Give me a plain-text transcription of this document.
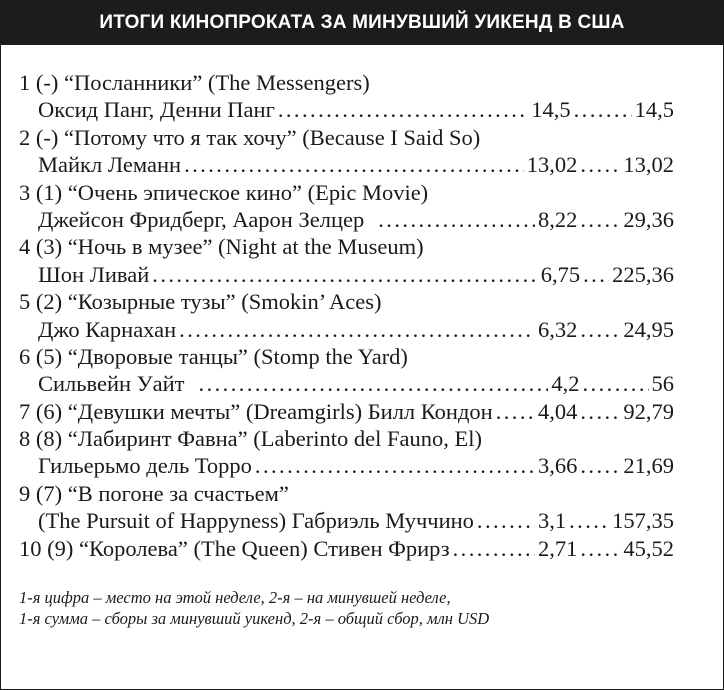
ИТОГИ КИНОПРОКАТА ЗА МИНУВШИЙ УИКЕНД В США
1 (-) “Посланники” (The Messengers)
Оксид Панг, Денни Панг . . .	14,5 . . .	14,5
2 (-) “Потому что я так хочу” (Because I Said So)
Майкл Леманн . . .	13,02 . . . 13,02
3 (1) “Очень эпическое кино” (Epic Movie)
Джейсон Фридберг, Аарон Зелцер . . .	8,22 . . . 29,36
4 (3) “Ночь в музее” (Night at the Museum)
Шон Ливай . . .	6,75 . . . 225,36
5 (2) “Козырные тузы” (Smokin’ Aces)
Джо Карнахан . . .	6,32 . . . 24,95
6 (5) “Дворовые танцы” (Stomp the Yard)
Сильвейн Уайт . . .	4,2 . . .	56
7 (6) “Девушки мечты” (Dreamgirls) Билл Кондон . . . 4,04 . . . 92,79
8 (8) “Лабиринт Фавна” (Laberinto del Fauno, El)
Гильерьмо дель Торро . . .	3,66 . . . 21,69
9 (7) “В погоне за счастьем”
(The Pursuit of Happyness) Габриэль Муччино . . .	3,1 . . . 157,35
10 (9) “Королева” (The Queen) Стивен Фрирз . . .	2,71 . . . 45,52
1-я цифра – место на этой неделе, 2-я – на минувшей неделе,
1-я сумма – сборы за минувший уикенд, 2-я – общий сбор, млн USD
